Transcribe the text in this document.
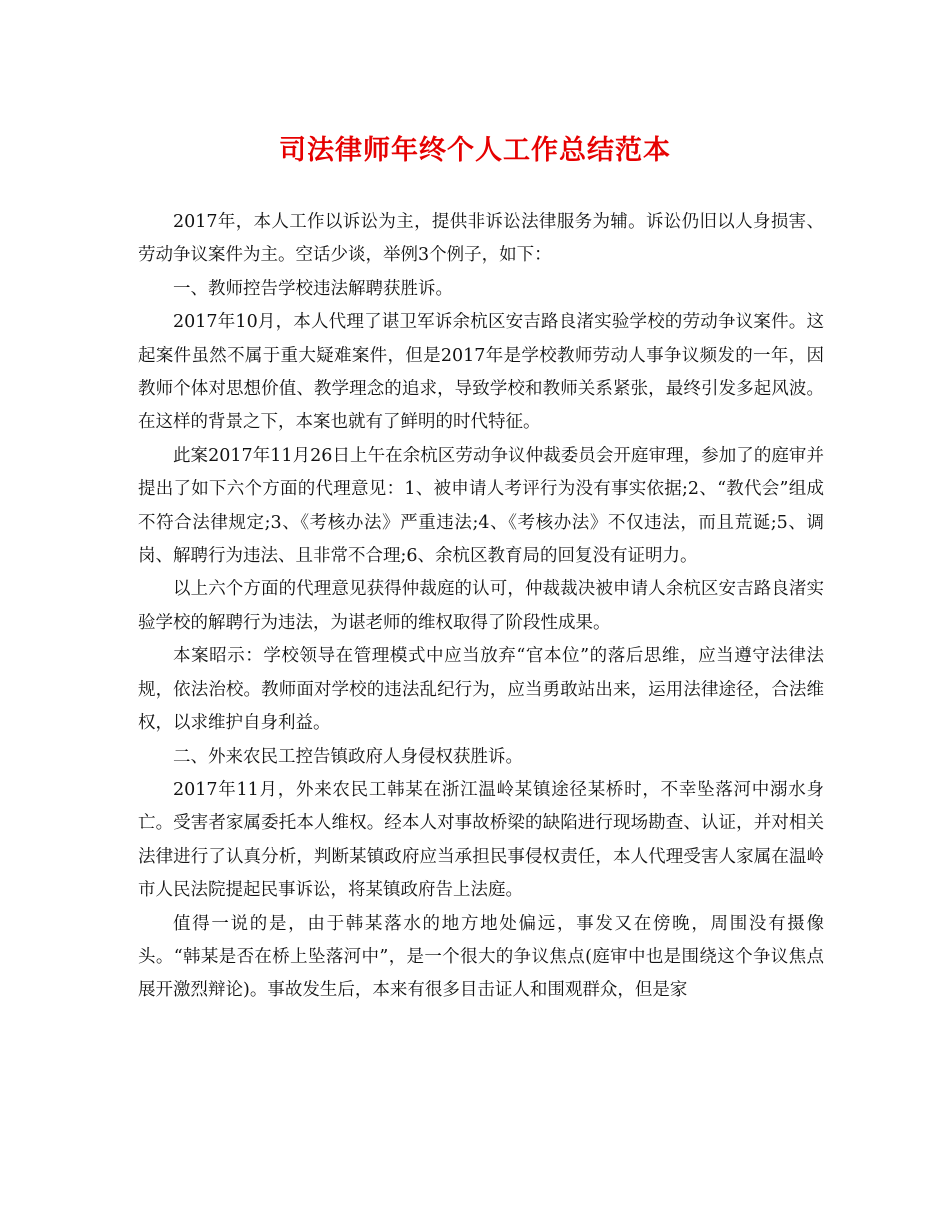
司法律师年终个人工作总结范本

2017年，本人工作以诉讼为主，提供非诉讼法律服务为辅。诉讼仍旧以人身损害、劳动争议案件为主。空话少谈，举例3个例子，如下：

一、教师控告学校违法解聘获胜诉。

2017年10月，本人代理了谌卫军诉余杭区安吉路良渚实验学校的劳动争议案件。这起案件虽然不属于重大疑难案件，但是2017年是学校教师劳动人事争议频发的一年，因教师个体对思想价值、教学理念的追求，导致学校和教师关系紧张，最终引发多起风波。在这样的背景之下，本案也就有了鲜明的时代特征。

此案2017年11月26日上午在余杭区劳动争议仲裁委员会开庭审理，参加了的庭审并提出了如下六个方面的代理意见：1、被申请人考评行为没有事实依据;2、“教代会”组成不符合法律规定;3、《考核办法》严重违法;4、《考核办法》不仅违法，而且荒诞;5、调岗、解聘行为违法、且非常不合理;6、余杭区教育局的回复没有证明力。

以上六个方面的代理意见获得仲裁庭的认可，仲裁裁决被申请人余杭区安吉路良渚实验学校的解聘行为违法，为谌老师的维权取得了阶段性成果。

本案昭示：学校领导在管理模式中应当放弃“官本位”的落后思维，应当遵守法律法规，依法治校。教师面对学校的违法乱纪行为，应当勇敢站出来，运用法律途径，合法维权，以求维护自身利益。

二、外来农民工控告镇政府人身侵权获胜诉。

2017年11月，外来农民工韩某在浙江温岭某镇途径某桥时，不幸坠落河中溺水身亡。受害者家属委托本人维权。经本人对事故桥梁的缺陷进行现场勘查、认证，并对相关法律进行了认真分析，判断某镇政府应当承担民事侵权责任，本人代理受害人家属在温岭市人民法院提起民事诉讼，将某镇政府告上法庭。

值得一说的是，由于韩某落水的地方地处偏远，事发又在傍晚，周围没有摄像头。“韩某是否在桥上坠落河中”，是一个很大的争议焦点(庭审中也是围绕这个争议焦点展开激烈辩论)。事故发生后，本来有很多目击证人和围观群众，但是家
